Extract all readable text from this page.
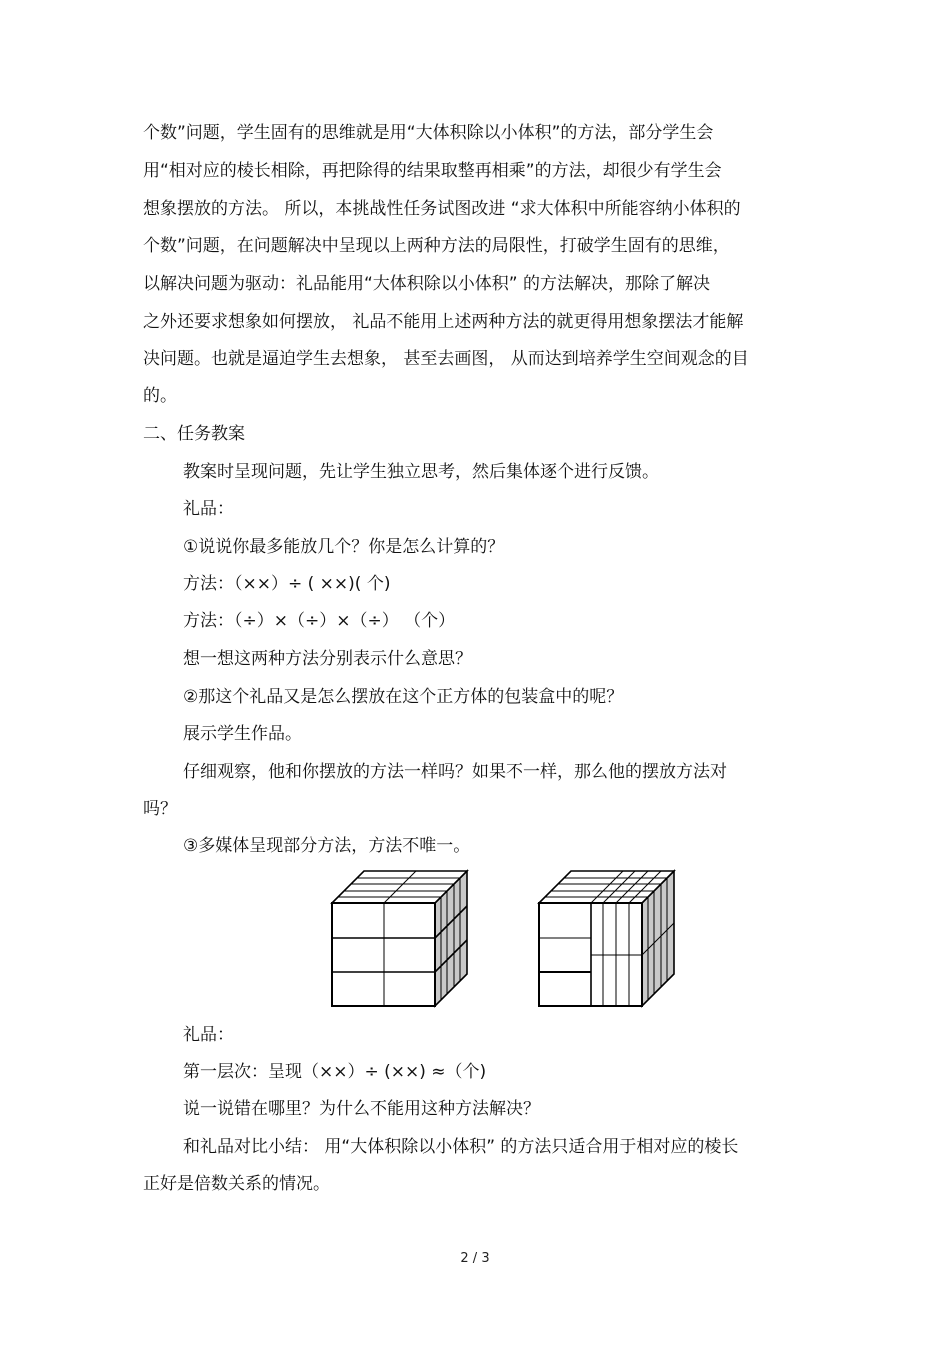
个数”问题，学生固有的思维就是用“大体积除以小体积”的方法，部分学生会
用“相对应的棱长相除，再把除得的结果取整再相乘”的方法，却很少有学生会
想象摆放的方法。 所以，本挑战性任务试图改进 “求大体积中所能容纳小体积的
个数”问题，在问题解决中呈现以上两种方法的局限性，打破学生固有的思维，
以解决问题为驱动：礼品能用“大体积除以小体积” 的方法解决，那除了解决
之外还要求想象如何摆放， 礼品不能用上述两种方法的就更得用想象摆法才能解
决问题。也就是逼迫学生去想象， 甚至去画图， 从而达到培养学生空间观念的目
的。
二、任务教案
教案时呈现问题，先让学生独立思考，然后集体逐个进行反馈。
礼品：
①说说你最多能放几个？你是怎么计算的？
方法：（××）÷ ( ××)( 个)
方法：（÷）×（÷）×（÷） （个）
想一想这两种方法分别表示什么意思？
②那这个礼品又是怎么摆放在这个正方体的包装盒中的呢？
展示学生作品。
仔细观察，他和你摆放的方法一样吗？如果不一样，那么他的摆放方法对
吗？
③多媒体呈现部分方法，方法不唯一。
礼品：
第一层次：呈现（××）÷ (××) ≈（个)
说一说错在哪里？为什么不能用这种方法解决？
和礼品对比小结： 用“大体积除以小体积” 的方法只适合用于相对应的棱长
正好是倍数关系的情况。
2 / 3
